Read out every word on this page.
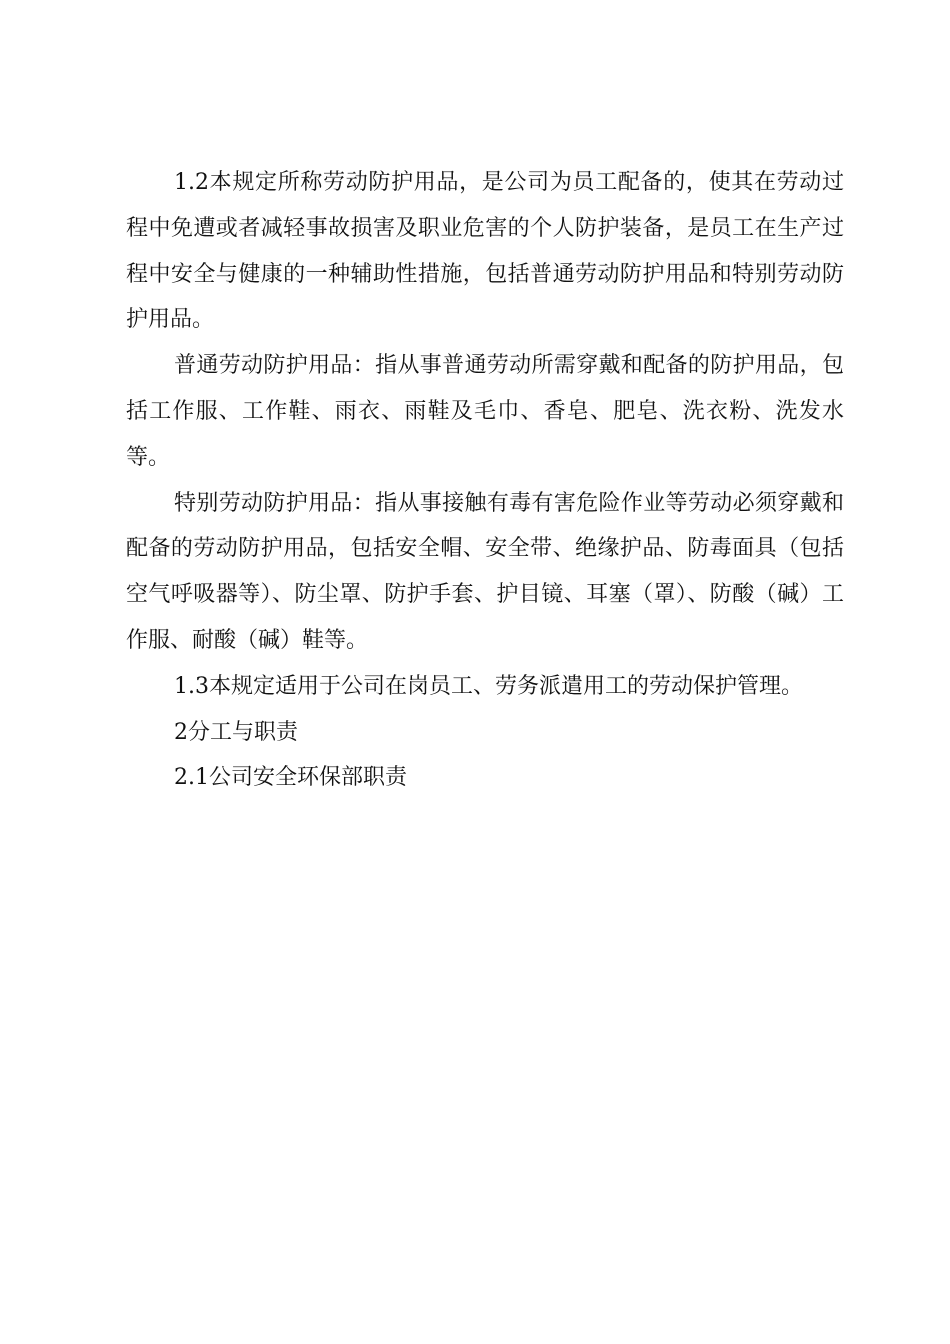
1.2本规定所称劳动防护用品，是公司为员工配备的，使其在劳动过程中免遭或者减轻事故损害及职业危害的个人防护装备，是员工在生产过程中安全与健康的一种辅助性措施，包括普通劳动防护用品和特别劳动防护用品。

普通劳动防护用品：指从事普通劳动所需穿戴和配备的防护用品，包括工作服、工作鞋、雨衣、雨鞋及毛巾、香皂、肥皂、洗衣粉、洗发水等。

特别劳动防护用品：指从事接触有毒有害危险作业等劳动必须穿戴和配备的劳动防护用品，包括安全帽、安全带、绝缘护品、防毒面具（包括空气呼吸器等）、防尘罩、防护手套、护目镜、耳塞（罩）、防酸（碱）工作服、耐酸（碱）鞋等。

1.3本规定适用于公司在岗员工、劳务派遣用工的劳动保护管理。

2分工与职责

2.1公司安全环保部职责
